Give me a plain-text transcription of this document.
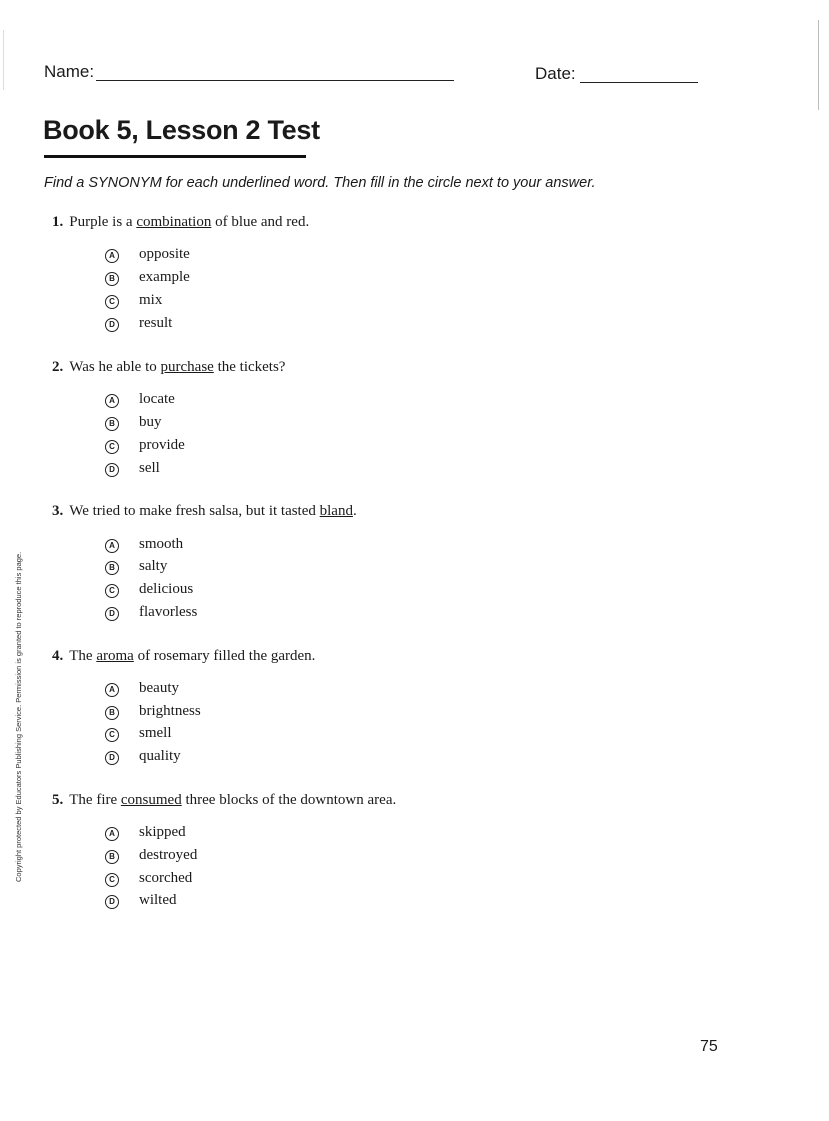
Name:	Date:
Book 5, Lesson 2 Test
Find a SYNONYM for each underlined word. Then fill in the circle next to your answer.
1. Purple is a combination of blue and red.
A opposite
B example
C mix
D result
2. Was he able to purchase the tickets?
A locate
B buy
C provide
D sell
3. We tried to make fresh salsa, but it tasted bland.
A smooth
B salty
C delicious
D flavorless
4. The aroma of rosemary filled the garden.
A beauty
B brightness
C smell
D quality
5. The fire consumed three blocks of the downtown area.
A skipped
B destroyed
C scorched
D wilted
Copyright protected by Educators Publishing Service. Permission is granted to reproduce this page.
75
